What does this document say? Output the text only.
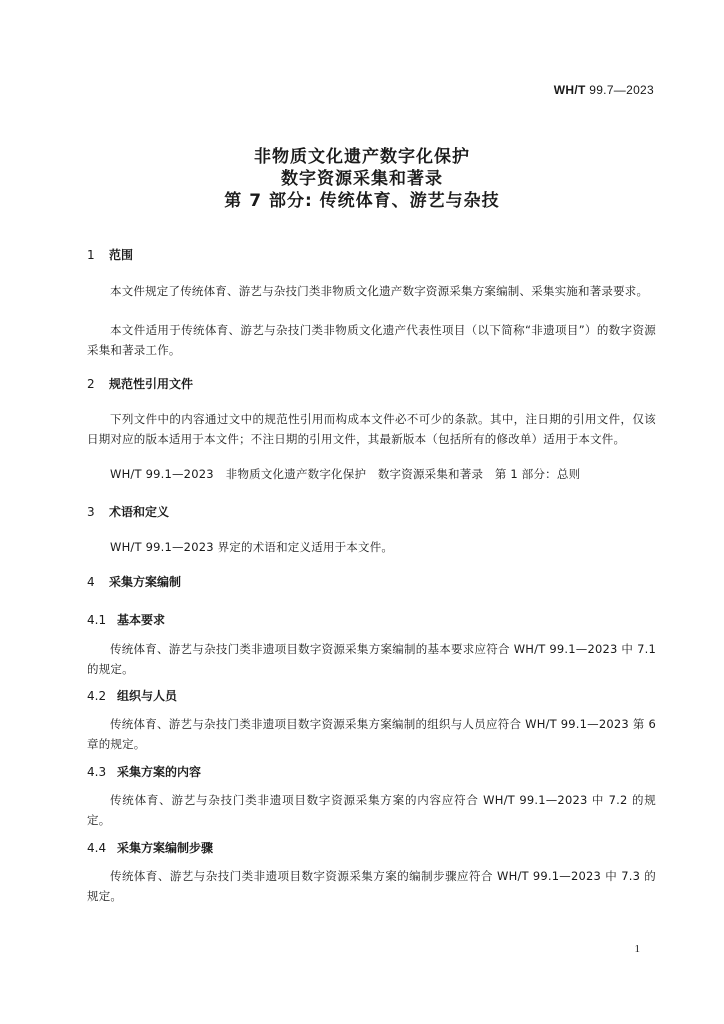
WH/T 99.7—2023
非物质文化遗产数字化保护
数字资源采集和著录
第 7 部分: 传统体育、游艺与杂技
1 范围
本文件规定了传统体育、游艺与杂技门类非物质文化遗产数字资源采集方案编制、采集实施和著录要求。
本文件适用于传统体育、游艺与杂技门类非物质文化遗产代表性项目（以下简称“非遗项目”）的数字资源采集和著录工作。
2 规范性引用文件
下列文件中的内容通过文中的规范性引用而构成本文件必不可少的条款。其中，注日期的引用文件，仅该日期对应的版本适用于本文件；不注日期的引用文件，其最新版本（包括所有的修改单）适用于本文件。
WH/T 99.1—2023 非物质文化遗产数字化保护　数字资源采集和著录　第 1 部分：总则
3 术语和定义
WH/T 99.1—2023 界定的术语和定义适用于本文件。
4 采集方案编制
4.1 基本要求
传统体育、游艺与杂技门类非遗项目数字资源采集方案编制的基本要求应符合 WH/T 99.1—2023 中 7.1 的规定。
4.2 组织与人员
传统体育、游艺与杂技门类非遗项目数字资源采集方案编制的组织与人员应符合 WH/T 99.1—2023 第 6 章的规定。
4.3 采集方案的内容
传统体育、游艺与杂技门类非遗项目数字资源采集方案的内容应符合 WH/T 99.1—2023 中 7.2 的规定。
4.4 采集方案编制步骤
传统体育、游艺与杂技门类非遗项目数字资源采集方案的编制步骤应符合 WH/T 99.1—2023 中 7.3 的规定。
1
